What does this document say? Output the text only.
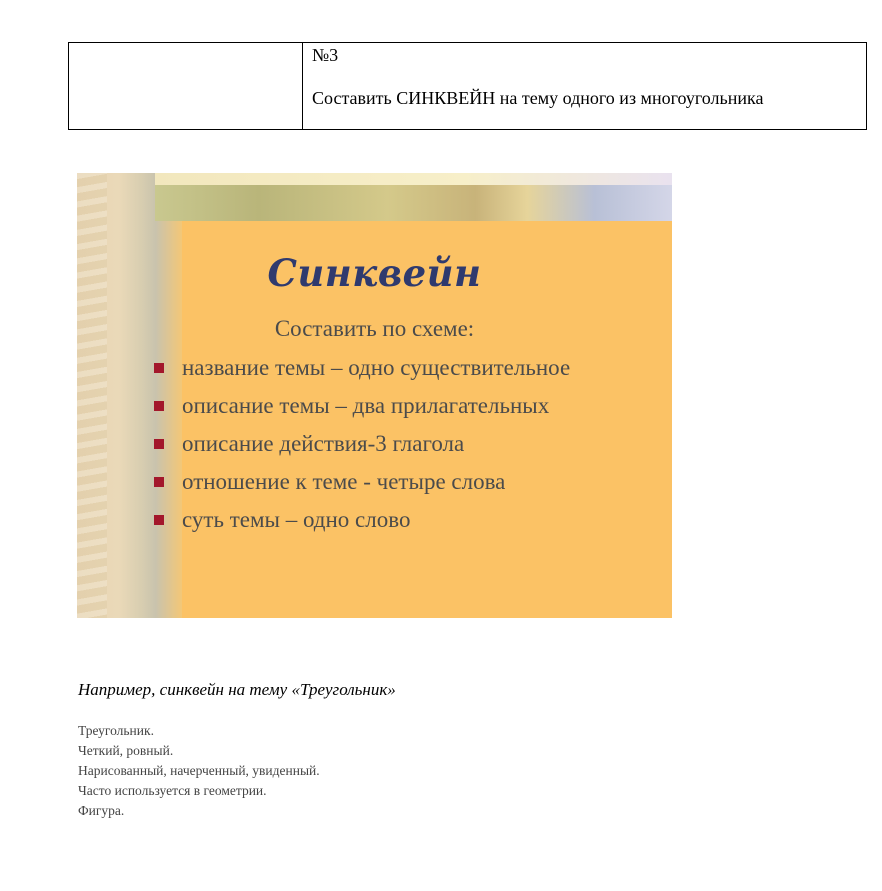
№3
Составить СИНКВЕЙН на тему одного из многоугольника
Синквейн
Составить по схеме:
название темы – одно существительное
описание темы – два прилагательных
описание действия-3 глагола
отношение к теме - четыре слова
суть темы – одно слово
Например, синквейн на тему «Треугольник»
Треугольник.
Четкий, ровный.
Нарисованный, начерченный, увиденный.
Часто используется в геометрии.
Фигура.
